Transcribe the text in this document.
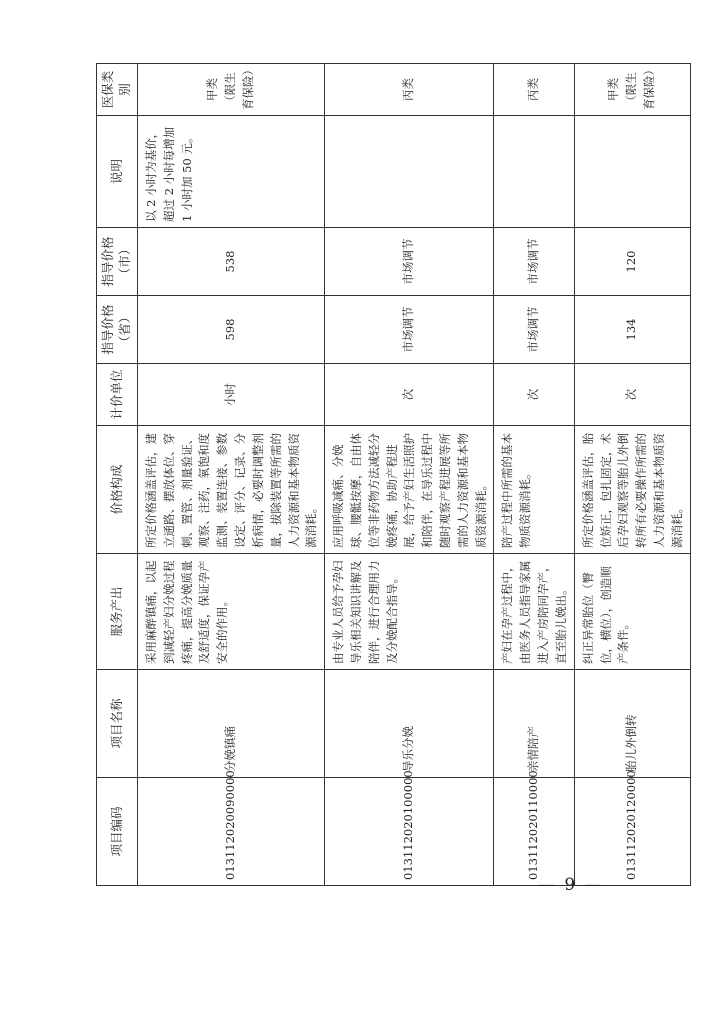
项目编码	项目名称	服务产出	价格构成	计价单位	指导价格（省）	指导价格（市）	说明	医保类别
013112020090000	分娩镇痛	采用麻醉镇痛，以起到减轻产妇分娩过程疼痛，提高分娩质量及舒适度，保证孕产安全的作用。	所定价格涵盖评估，建立通路、摆放体位、穿刺、置管、剂量验证、观察、注药，氧饱和度监测、装置连接、参数设定、评分、记录、分析病情，必要时调整剂量，拔除装置等所需的人力资源和基本物质资源消耗。	小时	598	538	以 2 小时为基价，超过 2 小时每增加 1 小时加 50 元。	甲类（限生育保险）
013112020100000	导乐分娩	由专业人员给予孕妇导乐相关知识讲解及陪伴，进行合理用力及分娩配合指导。	应用呼吸减痛、分娩球、腰骶按摩，自由体位等非药物方法减轻分娩疼痛，协助产程进展，给予产妇生活照护和陪伴，在导乐过程中随时观察产程进展等所需的人力资源和基本物质资源消耗。	次	市场调节	市场调节		丙类
013112020110000	亲情陪产	产妇在孕产过程中，由医务人员指导家属进入产房陪同孕产，直至胎儿娩出。	陪产过程中所需的基本物质资源消耗。	次	市场调节	市场调节		丙类
013112020120000	胎儿外倒转	纠正异常胎位（臀位，横位），创造顺产条件。	所定价格涵盖评估，胎位矫正，包扎固定，术后孕妇观察等胎儿外倒转所有必要操作所需的人力资源和基本物质资源消耗。	次	134	120		甲类（限生育保险）
— 9 —
